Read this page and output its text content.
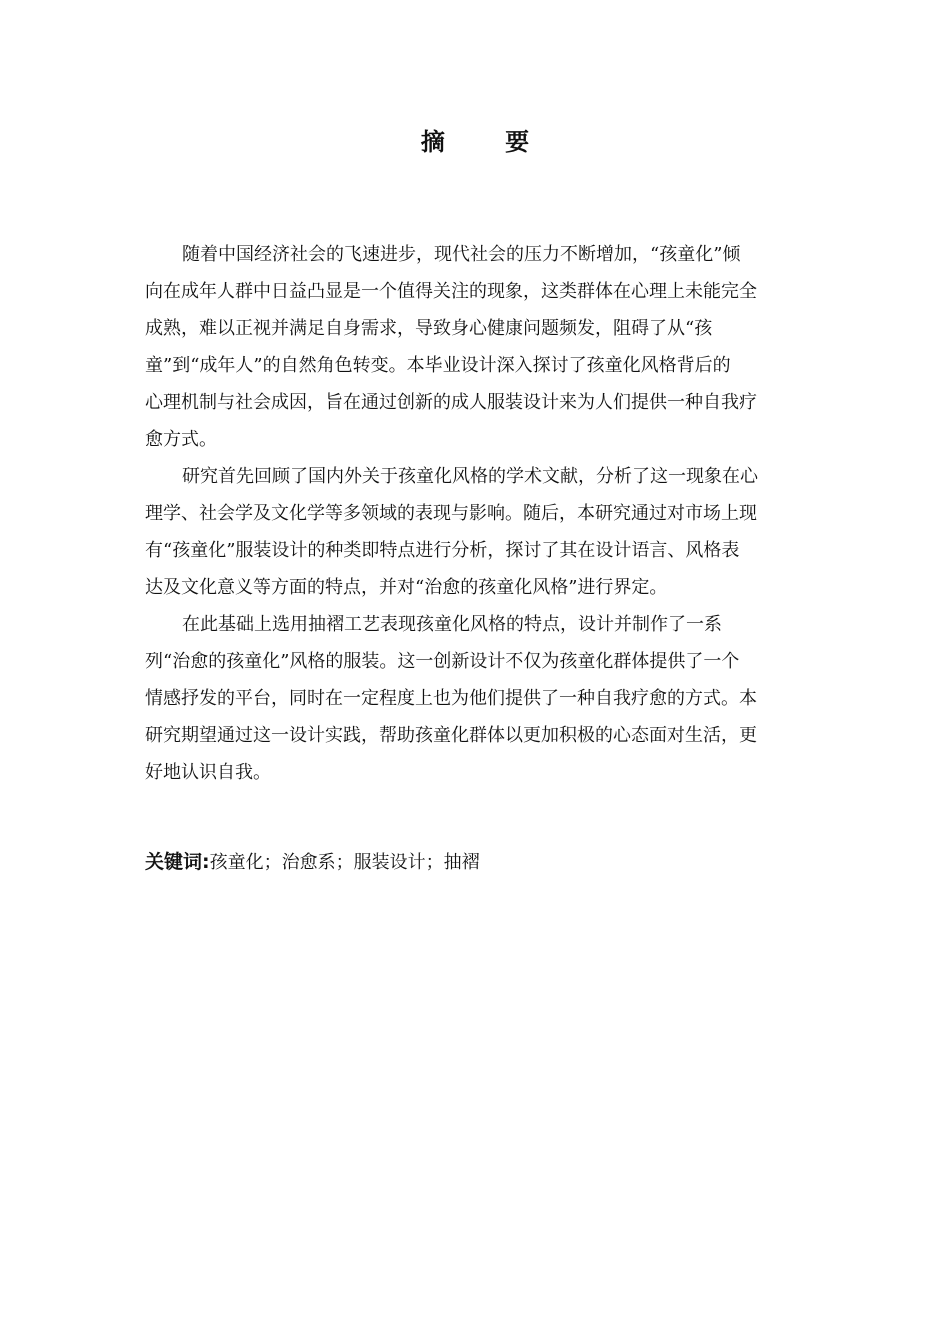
摘 要

随着中国经济社会的飞速进步，现代社会的压力不断增加，“孩童化”倾
向在成年人群中日益凸显是一个值得关注的现象，这类群体在心理上未能完全
成熟，难以正视并满足自身需求，导致身心健康问题频发，阻碍了从“孩
童”到“成年人”的自然角色转变。本毕业设计深入探讨了孩童化风格背后的
心理机制与社会成因，旨在通过创新的成人服装设计来为人们提供一种自我疗
愈方式。

研究首先回顾了国内外关于孩童化风格的学术文献，分析了这一现象在心
理学、社会学及文化学等多领域的表现与影响。随后，本研究通过对市场上现
有“孩童化”服装设计的种类即特点进行分析，探讨了其在设计语言、风格表
达及文化意义等方面的特点，并对“治愈的孩童化风格”进行界定。

在此基础上选用抽褶工艺表现孩童化风格的特点，设计并制作了一系
列“治愈的孩童化”风格的服装。这一创新设计不仅为孩童化群体提供了一个
情感抒发的平台，同时在一定程度上也为他们提供了一种自我疗愈的方式。本
研究期望通过这一设计实践，帮助孩童化群体以更加积极的心态面对生活，更
好地认识自我。

关键词:孩童化；治愈系；服装设计；抽褶
